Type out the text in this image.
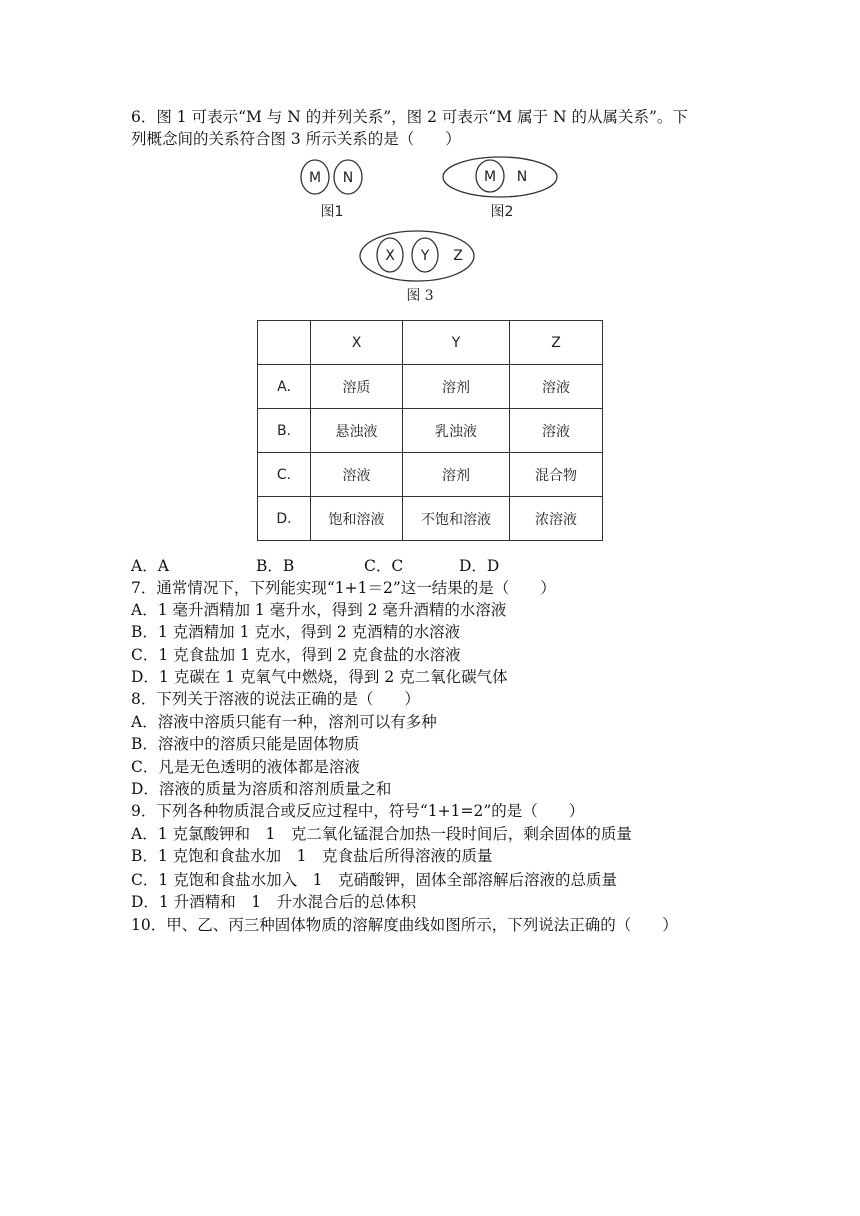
6．图 1 可表示“M 与 N 的并列关系”，图 2 可表示“M 属于 N 的从属关系”。下
列概念间的关系符合图 3 所示关系的是（　　）
M N
图1
M N
图2
X Y Z
图 3
	X	Y	Z
A.	溶质	溶剂	溶液
B.	悬浊液	乳浊液	溶液
C.	溶液	溶剂	混合物
D.	饱和溶液	不饱和溶液	浓溶液
A．A	B．B	C．C	D．D
7．通常情况下，下列能实现“1+1＝2”这一结果的是（　　）
A．1 毫升酒精加 1 毫升水，得到 2 毫升酒精的水溶液
B．1 克酒精加 1 克水，得到 2 克酒精的水溶液
C．1 克食盐加 1 克水，得到 2 克食盐的水溶液
D．1 克碳在 1 克氧气中燃烧，得到 2 克二氧化碳气体
8．下列关于溶液的说法正确的是（　　）
A．溶液中溶质只能有一种，溶剂可以有多种
B．溶液中的溶质只能是固体物质
C．凡是无色透明的液体都是溶液
D．溶液的质量为溶质和溶剂质量之和
9．下列各种物质混合或反应过程中，符号“1+1=2”的是（　　）
A．1 克氯酸钾和　1　克二氧化锰混合加热一段时间后，剩余固体的质量
B．1 克饱和食盐水加　1　克食盐后所得溶液的质量
C．1 克饱和食盐水加入　1　克硝酸钾，固体全部溶解后溶液的总质量
D．1 升酒精和　1　升水混合后的总体积
10．甲、乙、丙三种固体物质的溶解度曲线如图所示，下列说法正确的（　　）
